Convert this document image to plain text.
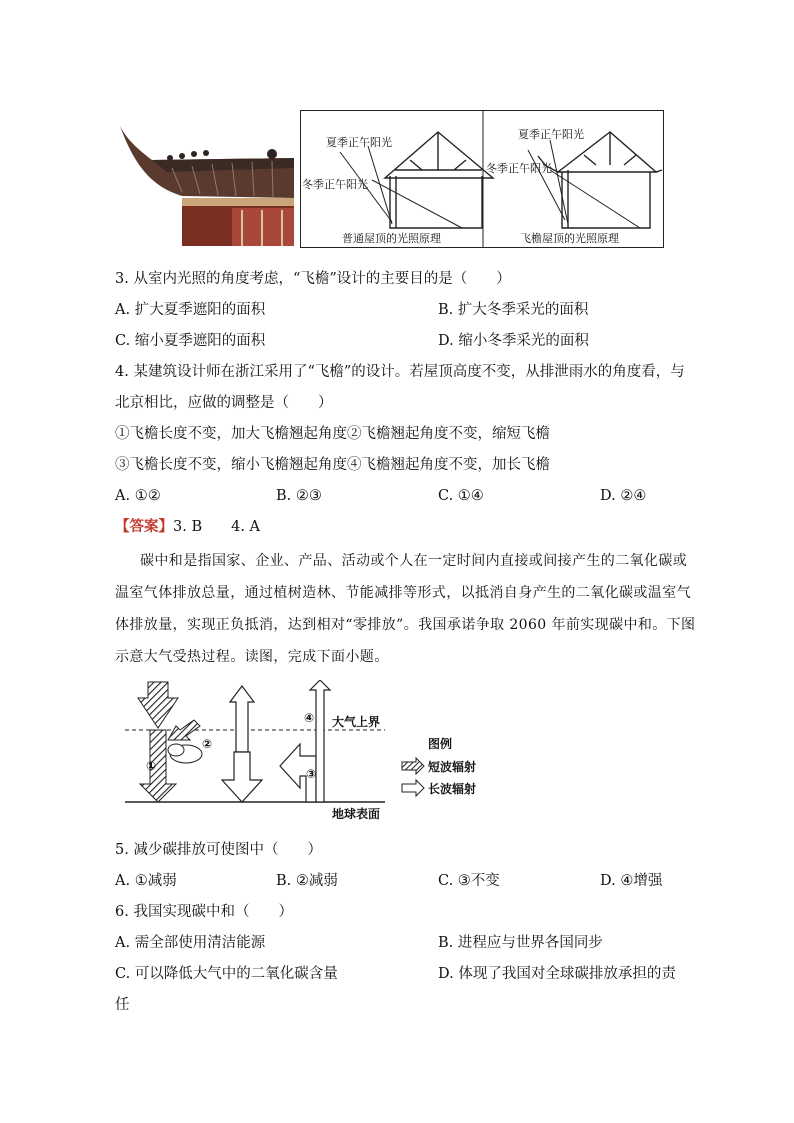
夏季正午阳光
冬季正午阳光
普通屋顶的光照原理
夏季正午阳光
冬季正午阳光
飞檐屋顶的光照原理
3. 从室内光照的角度考虑，“飞檐”设计的主要目的是（　　）
A. 扩大夏季遮阳的面积	B. 扩大冬季采光的面积
C. 缩小夏季遮阳的面积	D. 缩小冬季采光的面积
4. 某建筑设计师在浙江采用了“飞檐”的设计。若屋顶高度不变，从排泄雨水的角度看，与
北京相比，应做的调整是（　　）
①飞檐长度不变，加大飞檐翘起角度②飞檐翘起角度不变，缩短飞檐
③飞檐长度不变，缩小飞檐翘起角度④飞檐翘起角度不变，加长飞檐
A. ①②	B. ②③	C. ①④	D. ②④
【答案】3. B　　4. A
碳中和是指国家、企业、产品、活动或个人在一定时间内直接或间接产生的二氧化碳或
温室气体排放总量，通过植树造林、节能减排等形式，以抵消自身产生的二氧化碳或温室气
体排放量，实现正负抵消，达到相对“零排放”。我国承诺争取 2060 年前实现碳中和。下图
示意大气受热过程。读图，完成下面小题。
大气上界
地球表面
①
②
③
④
图例
短波辐射
长波辐射
5. 减少碳排放可使图中（　　）
A. ①减弱	B. ②减弱	C. ③不变	D. ④增强
6. 我国实现碳中和（　　）
A. 需全部使用清洁能源	B. 进程应与世界各国同步
C. 可以降低大气中的二氧化碳含量	D. 体现了我国对全球碳排放承担的责
任
